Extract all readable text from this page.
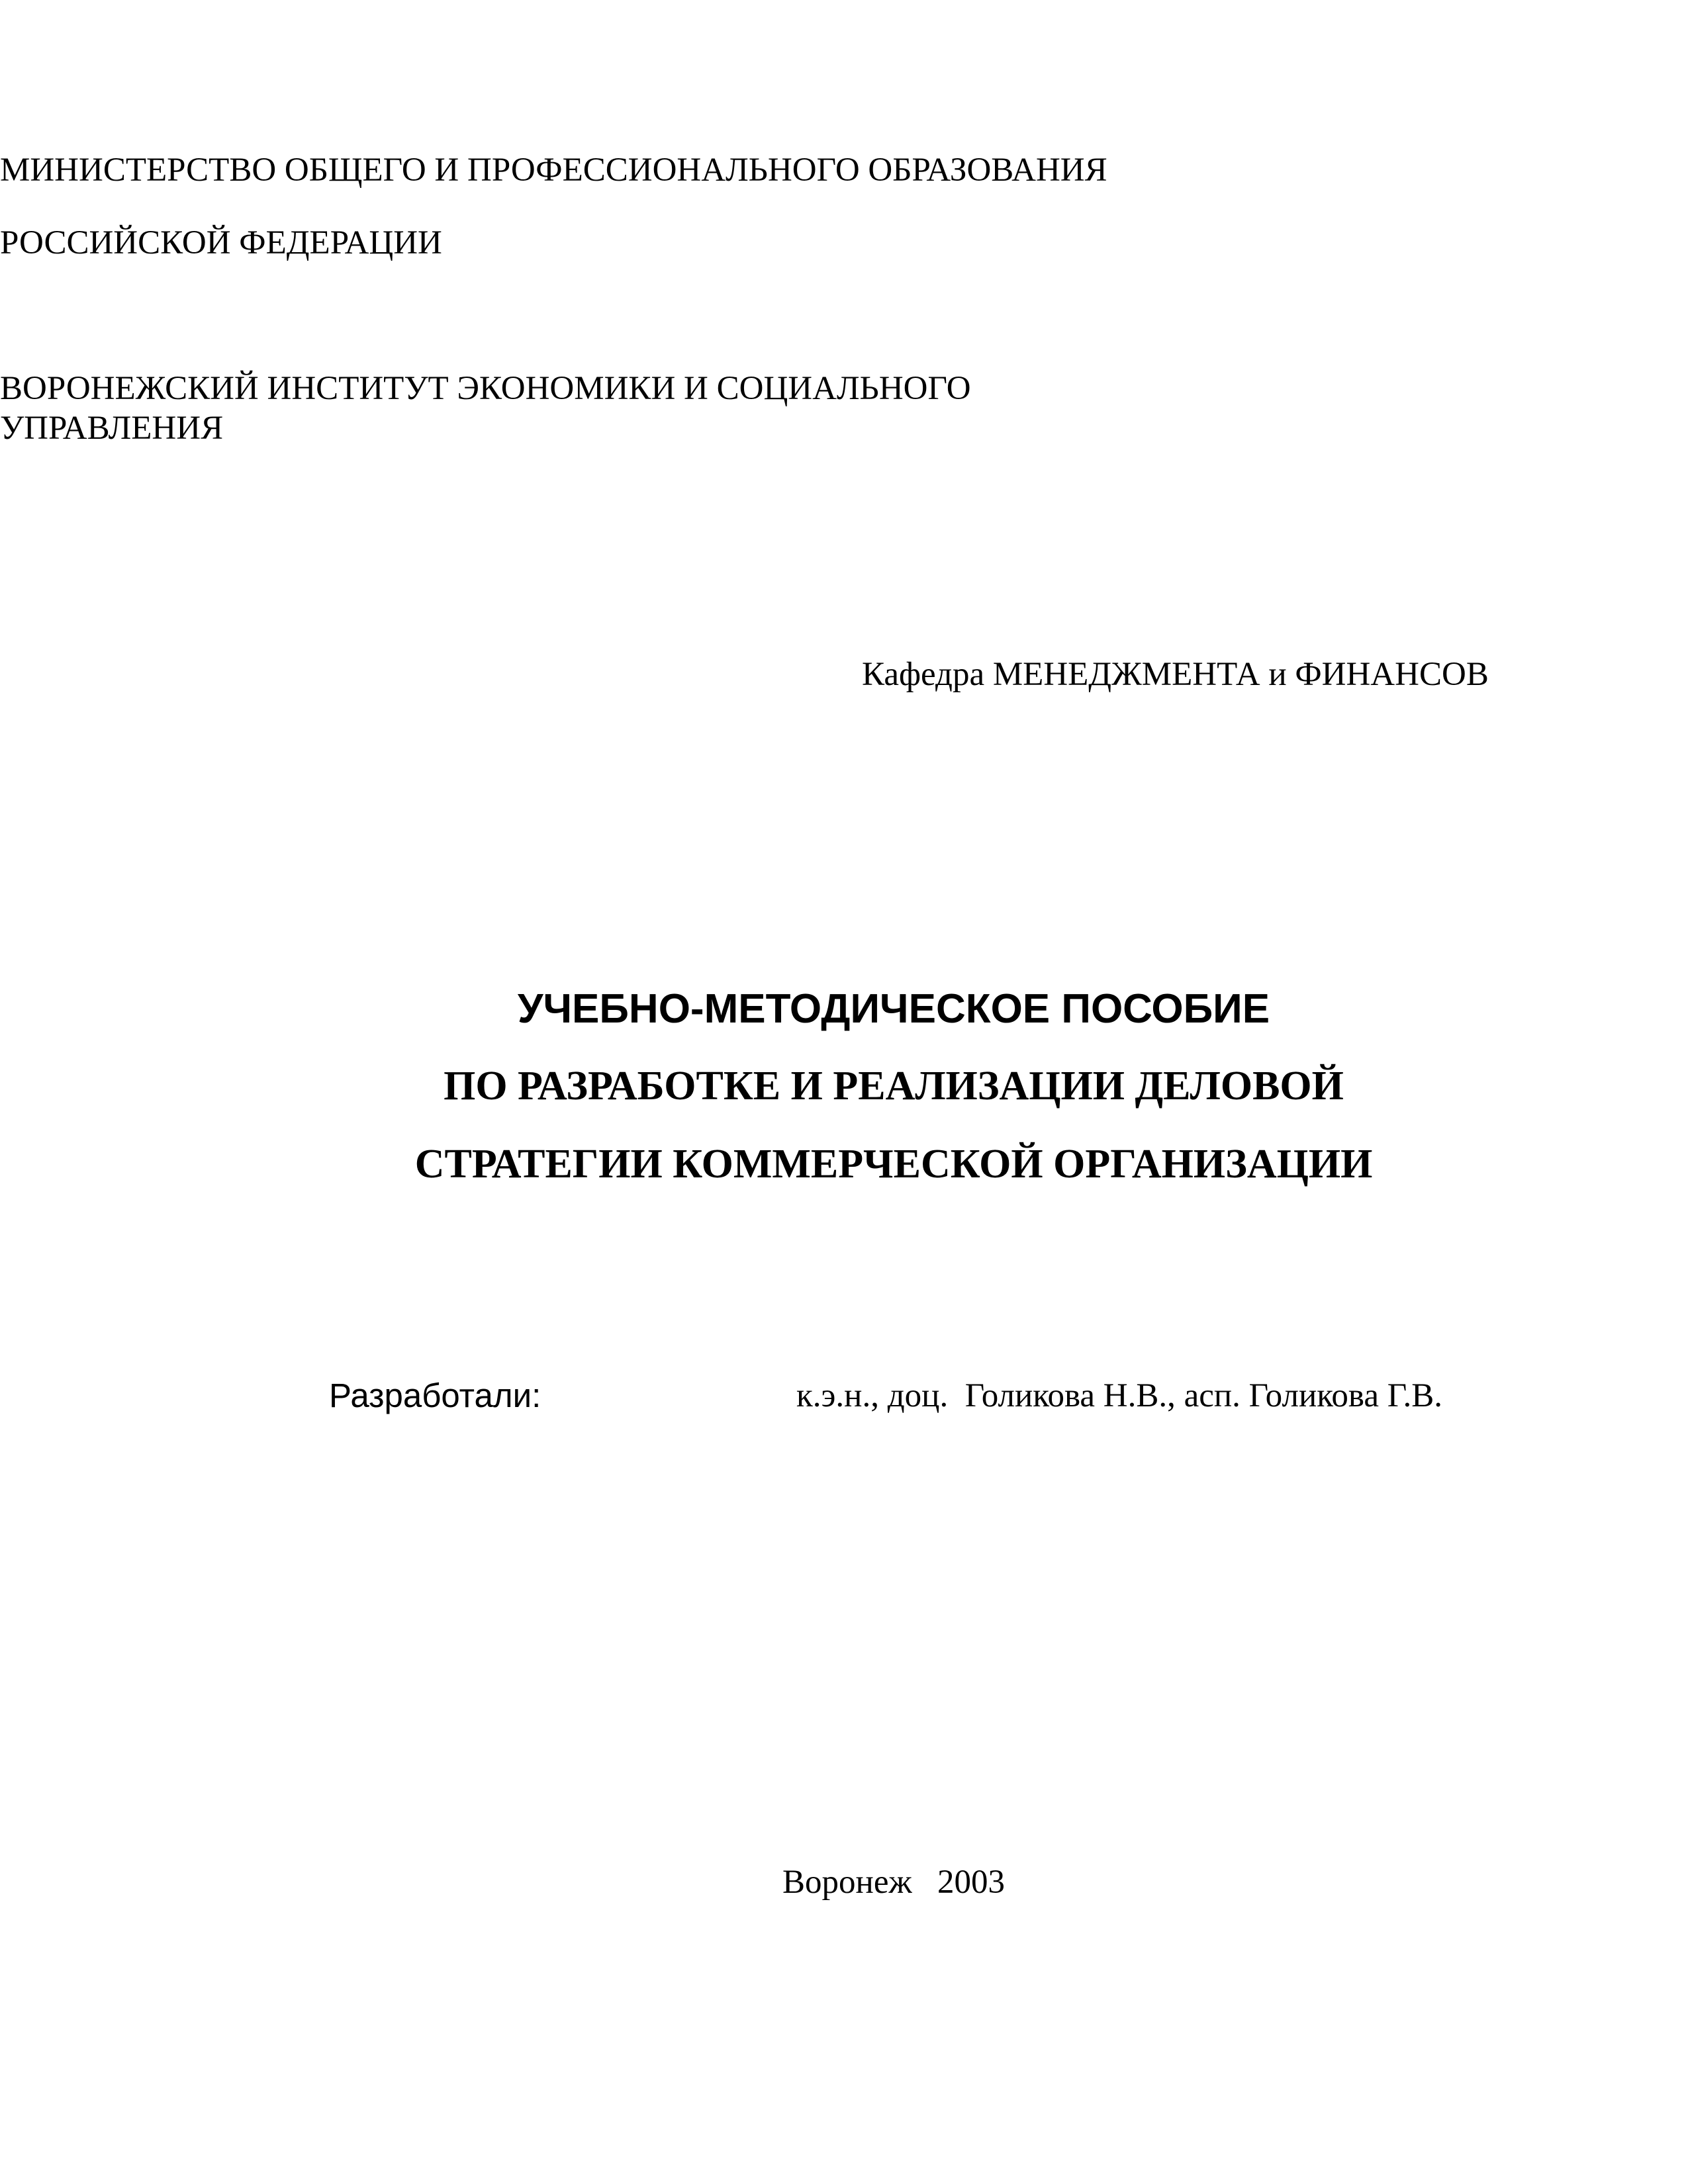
МИНИСТЕРСТВО ОБЩЕГО И ПРОФЕССИОНАЛЬНОГО ОБРАЗОВАНИЯ
РОССИЙСКОЙ ФЕДЕРАЦИИ
ВОРОНЕЖСКИЙ ИНСТИТУТ ЭКОНОМИКИ И СОЦИАЛЬНОГО
УПРАВЛЕНИЯ
Кафедра МЕНЕДЖМЕНТА и ФИНАНСОВ
УЧЕБНО-МЕТОДИЧЕСКОЕ ПОСОБИЕ
ПО РАЗРАБОТКЕ И РЕАЛИЗАЦИИ ДЕЛОВОЙ
СТРАТЕГИИ КОММЕРЧЕСКОЙ ОРГАНИЗАЦИИ
Разработали:	к.э.н., доц.  Голикова Н.В., асп. Голикова Г.В.
Воронеж   2003
